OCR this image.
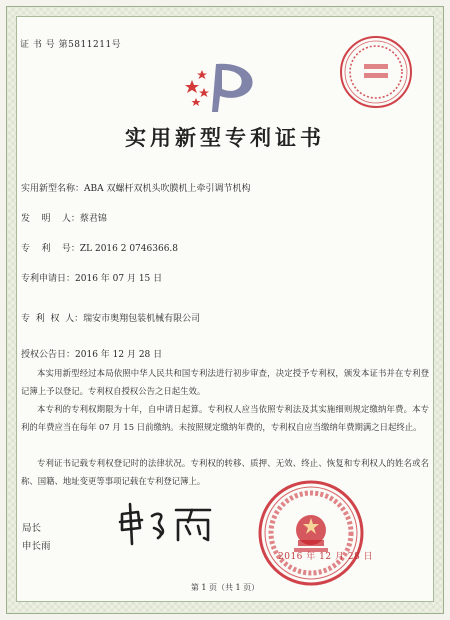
证 书 号 第5811211号
实用新型专利证书
实用新型名称：ABA 双螺杆双机头吹膜机上牵引调节机构
发    明    人：蔡君锦
专    利    号：ZL 2016 2 0746366.8
专利申请日：2016 年 07 月 15 日
专  利  权  人：瑞安市奥翔包装机械有限公司
授权公告日：2016 年 12 月 28 日
本实用新型经过本局依照中华人民共和国专利法进行初步审查，决定授予专利权，颁发本证书并在专利登记簿上予以登记。专利权自授权公告之日起生效。
本专利的专利权期限为十年，自申请日起算。专利权人应当依照专利法及其实施细则规定缴纳年费。本专利的年费应当在每年 07 月 15 日前缴纳。未按照规定缴纳年费的，专利权自应当缴纳年费期满之日起终止。
专利证书记载专利权登记时的法律状况。专利权的转移、质押、无效、终止、恢复和专利权人的姓名或名称、国籍、地址变更等事项记载在专利登记簿上。
局长
申长雨
2016 年 12 月 28 日
第 1 页（共 1 页）
